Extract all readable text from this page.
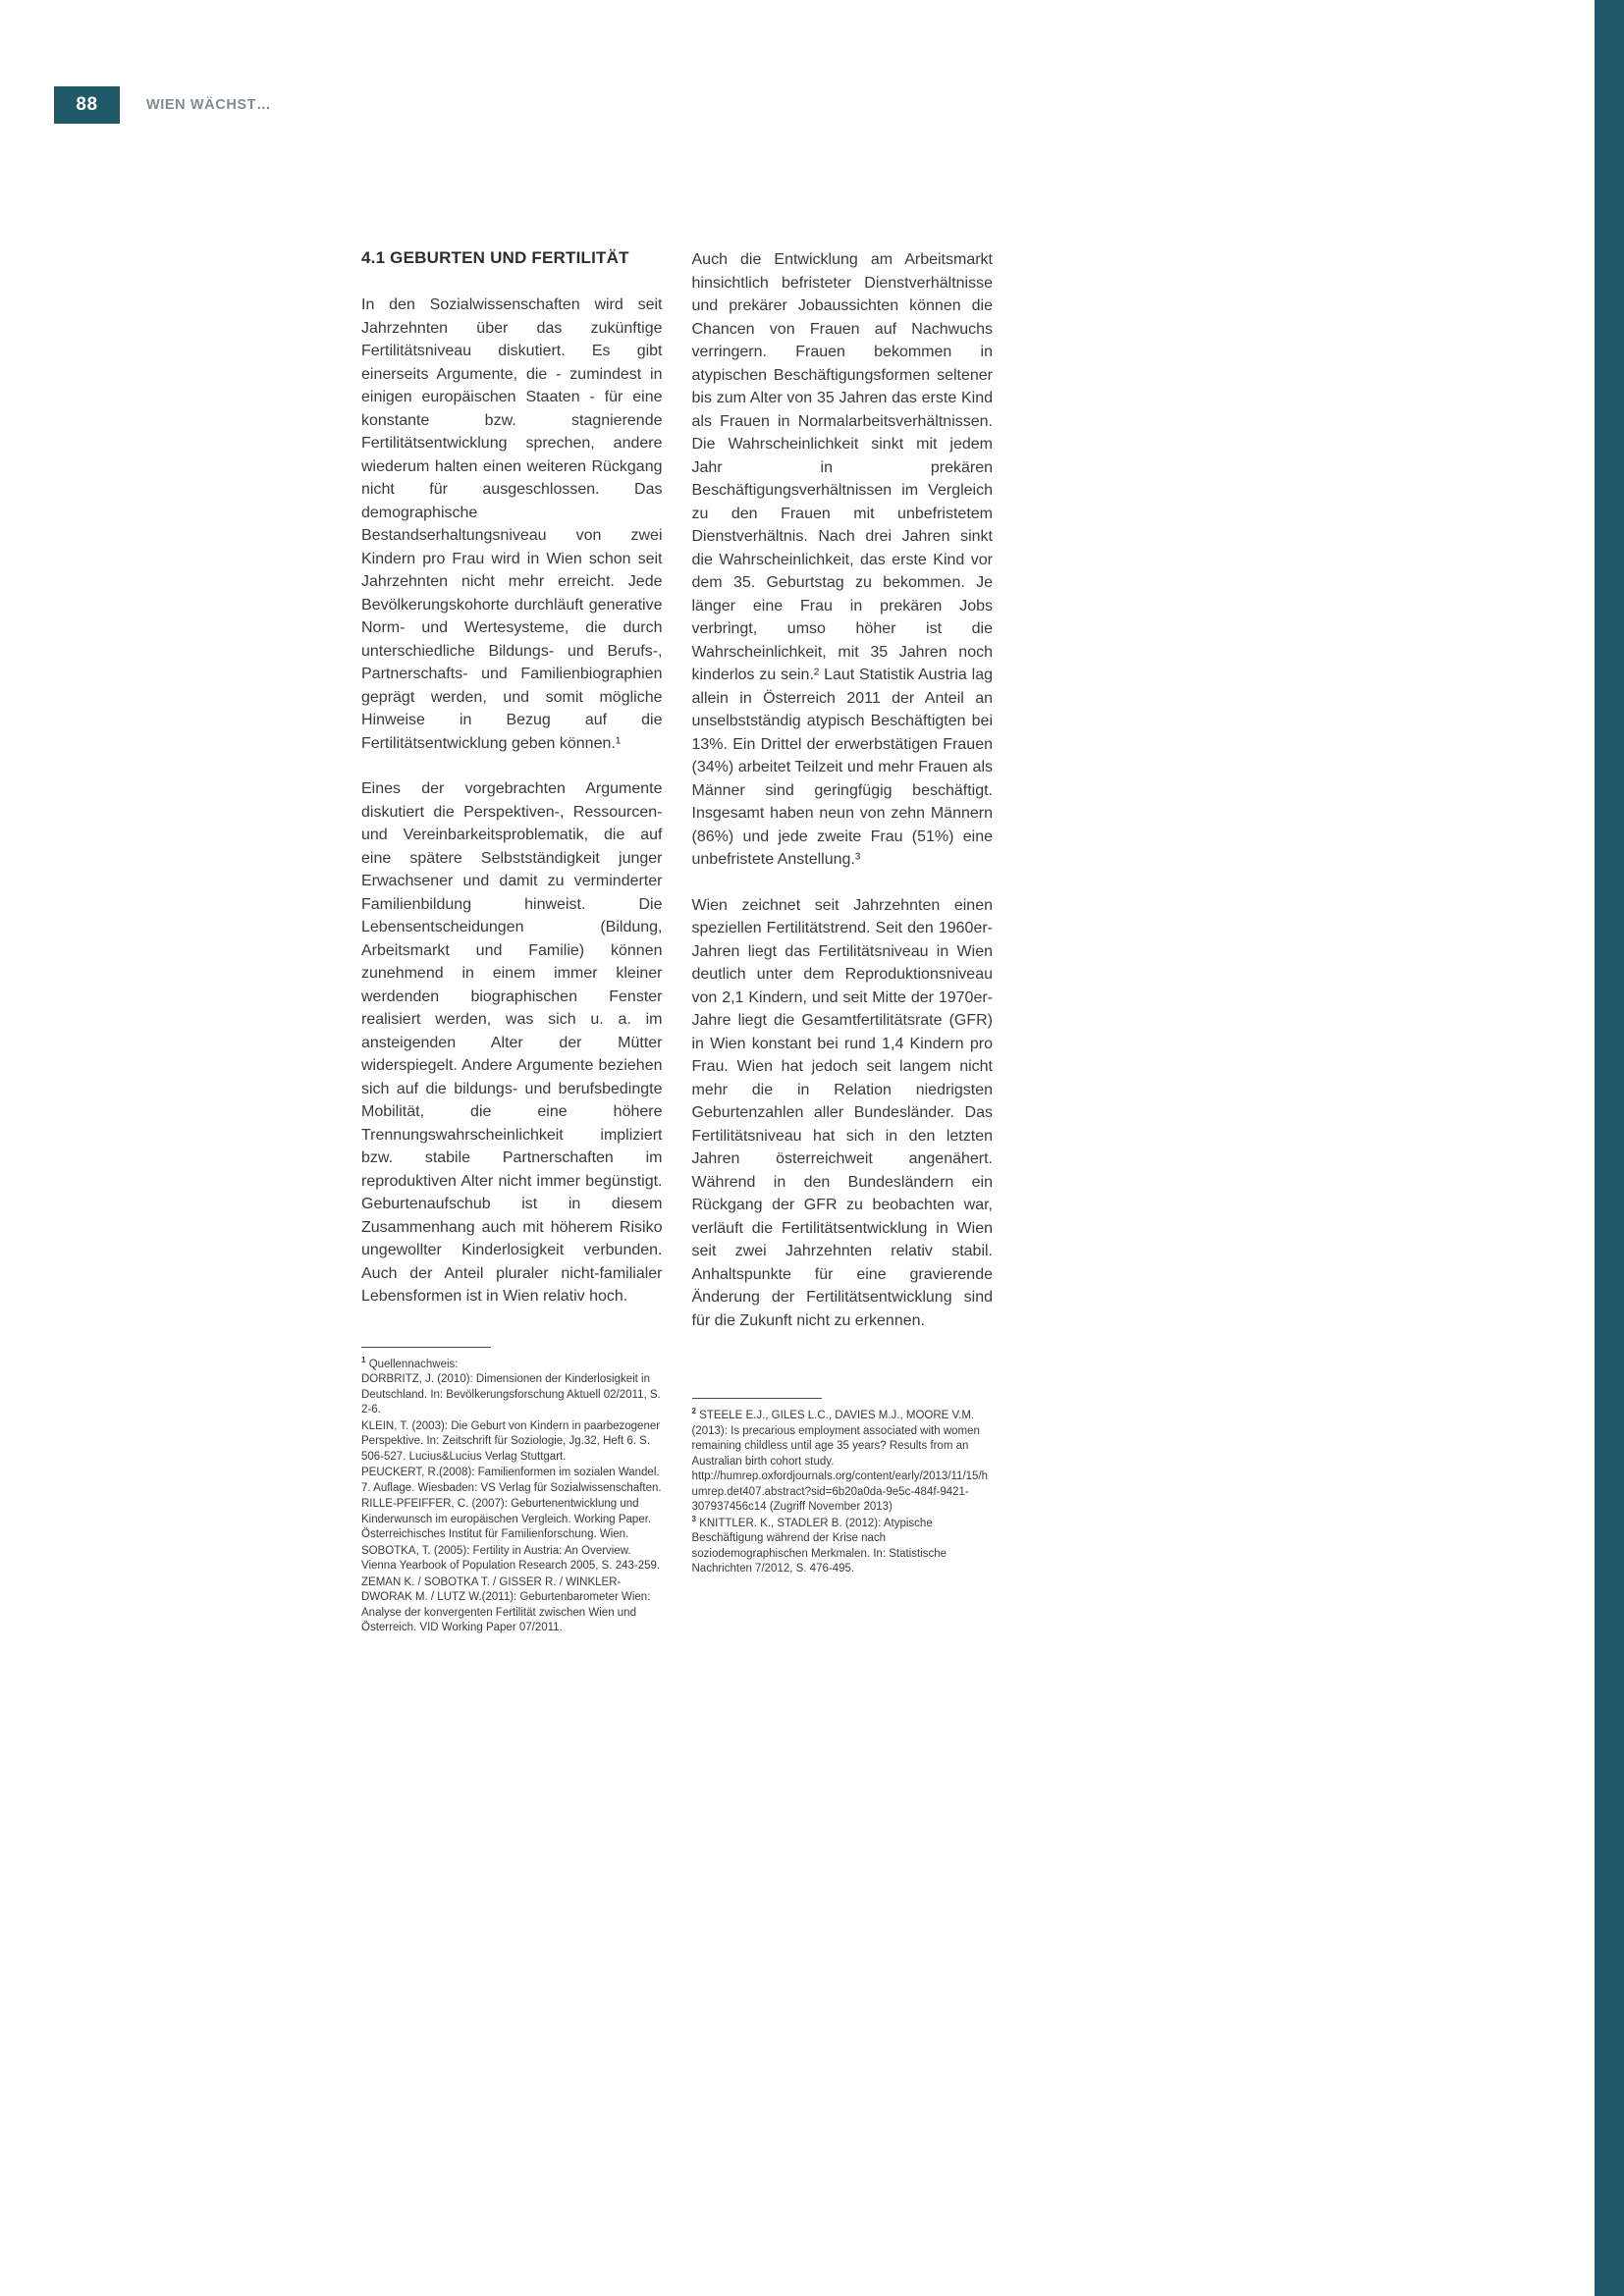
88	WIEN WÄCHST…
4.1 GEBURTEN UND FERTILITÄT

In den Sozialwissenschaften wird seit Jahrzehnten über das zukünftige Fertilitätsniveau diskutiert. Es gibt einerseits Argumente, die - zumindest in einigen europäischen Staaten - für eine konstante bzw. stagnierende Fertilitätsentwicklung sprechen, andere wiederum halten einen weiteren Rückgang nicht für ausgeschlossen. Das demographische Bestandserhaltungsniveau von zwei Kindern pro Frau wird in Wien schon seit Jahrzehnten nicht mehr erreicht. Jede Bevölkerungskohorte durchläuft generative Norm- und Wertesysteme, die durch unterschiedliche Bildungs- und Berufs-, Partnerschafts- und Familienbiographien geprägt werden, und somit mögliche Hinweise in Bezug auf die Fertilitätsentwicklung geben können.¹

Eines der vorgebrachten Argumente diskutiert die Perspektiven-, Ressourcen- und Vereinbarkeitsproblematik, die auf eine spätere Selbstständigkeit junger Erwachsener und damit zu verminderter Familienbildung hinweist. Die Lebensentscheidungen (Bildung, Arbeitsmarkt und Familie) können zunehmend in einem immer kleiner werdenden biographischen Fenster realisiert werden, was sich u. a. im ansteigenden Alter der Mütter widerspiegelt. Andere Argumente beziehen sich auf die bildungs- und berufsbedingte Mobilität, die eine höhere Trennungswahrscheinlichkeit impliziert bzw. stabile Partnerschaften im reproduktiven Alter nicht immer begünstigt. Geburtenaufschub ist in diesem Zusammenhang auch mit höherem Risiko ungewollter Kinderlosigkeit verbunden. Auch der Anteil pluraler nicht-familialer Lebensformen ist in Wien relativ hoch.

$^1$ Quellennachweis:

DORBRITZ, J. (2010): Dimensionen der Kinderlosigkeit in Deutschland. In: Bevölkerungsforschung Aktuell 02/2011, S. 2-6.

KLEIN, T. (2003): Die Geburt von Kindern in paarbezogener Perspektive. In: Zeitschrift für Soziologie, Jg.32, Heft 6. S. 506-527. Lucius&Lucius Verlag Stuttgart.

PEUCKERT, R.(2008): Familienformen im sozialen Wandel. 7. Auflage. Wiesbaden: VS Verlag für Sozialwissenschaften.

RILLE-PFEIFFER, C. (2007): Geburtenentwicklung und Kinderwunsch im europäischen Vergleich. Working Paper. Österreichisches Institut für Familienforschung. Wien.

SOBOTKA, T. (2005): Fertility in Austria: An Overview. Vienna Yearbook of Population Research 2005, S. 243-259.

ZEMAN K. / SOBOTKA T. / GISSER R. / WINKLER-DWORAK M. / LUTZ W.(2011): Geburtenbarometer Wien: Analyse der konvergenten Fertilität zwischen Wien und Österreich. VID Working Paper 07/2011.

Auch die Entwicklung am Arbeitsmarkt hinsichtlich befristeter Dienstverhältnisse und prekärer Jobaussichten können die Chancen von Frauen auf Nachwuchs verringern. Frauen bekommen in atypischen Beschäftigungsformen seltener bis zum Alter von 35 Jahren das erste Kind als Frauen in Normalarbeitsverhältnissen. Die Wahrscheinlichkeit sinkt mit jedem Jahr in prekären Beschäftigungsverhältnissen im Vergleich zu den Frauen mit unbefristetem Dienstverhältnis. Nach drei Jahren sinkt die Wahrscheinlichkeit, das erste Kind vor dem 35. Geburtstag zu bekommen. Je länger eine Frau in prekären Jobs verbringt, umso höher ist die Wahrscheinlichkeit, mit 35 Jahren noch kinderlos zu sein.² Laut Statistik Austria lag allein in Österreich 2011 der Anteil an unselbstständig atypisch Beschäftigten bei 13%. Ein Drittel der erwerbstätigen Frauen (34%) arbeitet Teilzeit und mehr Frauen als Männer sind geringfügig beschäftigt. Insgesamt haben neun von zehn Männern (86%) und jede zweite Frau (51%) eine unbefristete Anstellung.³

Wien zeichnet seit Jahrzehnten einen speziellen Fertilitätstrend. Seit den 1960er-Jahren liegt das Fertilitätsniveau in Wien deutlich unter dem Reproduktionsniveau von 2,1 Kindern, und seit Mitte der 1970er-Jahre liegt die Gesamtfertilitätsrate (GFR) in Wien konstant bei rund 1,4 Kindern pro Frau. Wien hat jedoch seit langem nicht mehr die in Relation niedrigsten Geburtenzahlen aller Bundesländer. Das Fertilitätsniveau hat sich in den letzten Jahren österreichweit angenähert. Während in den Bundesländern ein Rückgang der GFR zu beobachten war, verläuft die Fertilitätsentwicklung in Wien seit zwei Jahrzehnten relativ stabil. Anhaltspunkte für eine gravierende Änderung der Fertilitätsentwicklung sind für die Zukunft nicht zu erkennen.

$^2$ STEELE E.J., GILES L.C., DAVIES M.J., MOORE V.M. (2013): Is precarious employment associated with women remaining childless until age 35 years? Results from an Australian birth cohort study. http://humrep.oxfordjournals.org/content/early/2013/11/15/humrep.det407.abstract?sid=6b20a0da-9e5c-484f-9421-307937456c14 (Zugriff November 2013)

$^3$ KNITTLER. K., STADLER B. (2012): Atypische Beschäftigung während der Krise nach soziodemographischen Merkmalen. In: Statistische Nachrichten 7/2012, S. 476-495.
